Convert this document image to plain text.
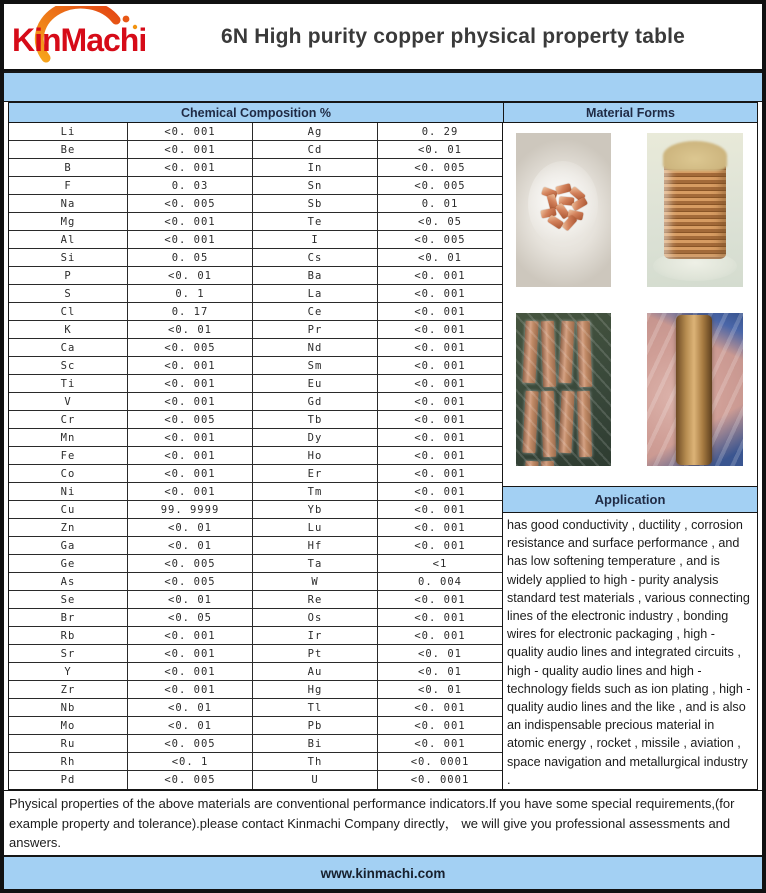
KinMachi	6N High purity copper physical property table
Chemical Composition %	Material Forms
Li	<0. 001	Ag	0. 29
Be	<0. 001	Cd	<0. 01
B	<0. 001	In	<0. 005
F	0. 03	Sn	<0. 005
Na	<0. 005	Sb	0. 01
Mg	<0. 001	Te	<0. 05
Al	<0. 001	I	<0. 005
Si	0. 05	Cs	<0. 01
P	<0. 01	Ba	<0. 001
S	0. 1	La	<0. 001
Cl	0. 17	Ce	<0. 001
K	<0. 01	Pr	<0. 001
Ca	<0. 005	Nd	<0. 001
Sc	<0. 001	Sm	<0. 001
Ti	<0. 001	Eu	<0. 001
V	<0. 001	Gd	<0. 001
Cr	<0. 005	Tb	<0. 001
Mn	<0. 001	Dy	<0. 001
Fe	<0. 001	Ho	<0. 001
Co	<0. 001	Er	<0. 001
Ni	<0. 001	Tm	<0. 001
Cu	99. 9999	Yb	<0. 001
Zn	<0. 01	Lu	<0. 001
Ga	<0. 01	Hf	<0. 001
Ge	<0. 005	Ta	<1
As	<0. 005	W	0. 004
Se	<0. 01	Re	<0. 001
Br	<0. 05	Os	<0. 001
Rb	<0. 001	Ir	<0. 001
Sr	<0. 001	Pt	<0. 01
Y	<0. 001	Au	<0. 01
Zr	<0. 001	Hg	<0. 01
Nb	<0. 01	Tl	<0. 001
Mo	<0. 01	Pb	<0. 001
Ru	<0. 005	Bi	<0. 001
Rh	<0. 1	Th	<0. 0001
Pd	<0. 005	U	<0. 0001
Application
has good conductivity , ductility , corrosion resistance and surface performance , and has low softening temperature , and is widely applied to high - purity analysis standard test materials , various connecting lines of the electronic industry , bonding wires for electronic packaging , high - quality audio lines and integrated circuits , high - quality audio lines and high - technology fields such as ion plating , high - quality audio lines and the like , and is also an indispensable precious material in atomic energy , rocket , missile , aviation , space navigation and metallurgical industry .
Physical properties of the above materials are conventional performance indicators.If you have some special requirements,(for example property and tolerance).please contact Kinmachi Company directly， we will give you professional assessments and answers.
www.kinmachi.com
